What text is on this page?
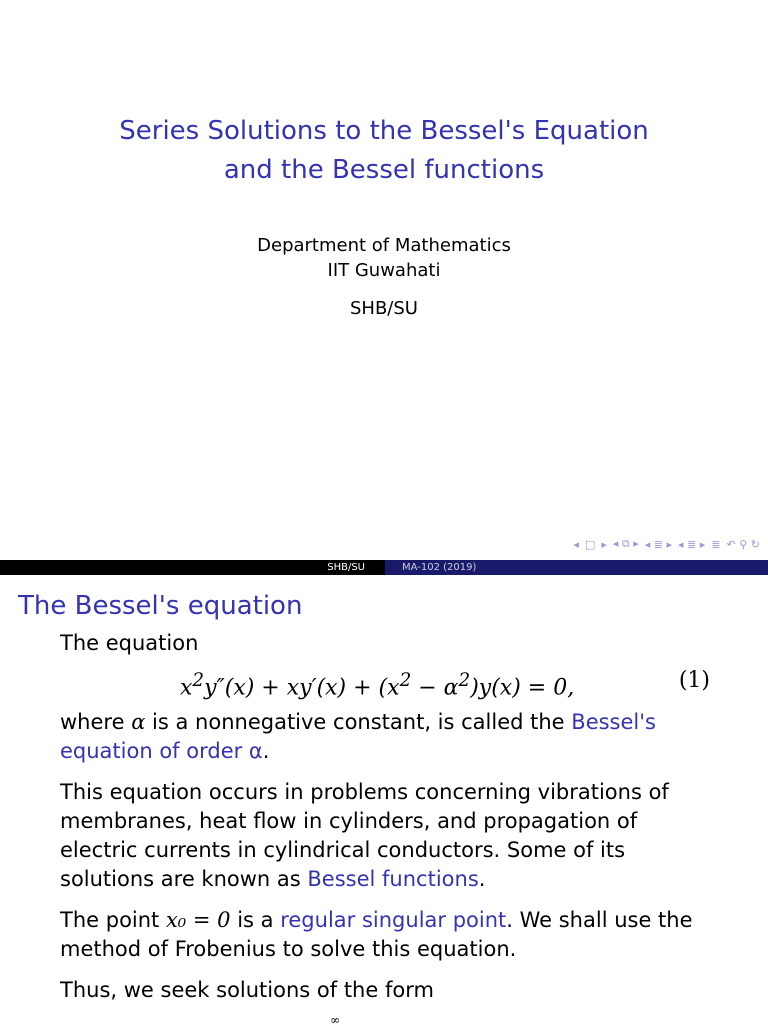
Series Solutions to the Bessel's Equation
and the Bessel functions
Department of Mathematics
IIT Guwahati
SHB/SU
◂ □ ▸ ◂ ⧉ ▸ ◂ ≣ ▸ ◂ ≣ ▸ ≣ ↶ ⚲ ↻
SHB/SU	MA-102 (2019)
The Bessel's equation

The equation

$x^2y''(x) + xy'(x) + (x^2 - \alpha^2)y(x) = 0$,	(1)

where α is a nonnegative constant, is called the Bessel's equation of order α.

This equation occurs in problems concerning vibrations of membranes, heat flow in cylinders, and propagation of electric currents in cylindrical conductors. Some of its solutions are known as Bessel functions.

The point x₀ = 0 is a regular singular point. We shall use the method of Frobenius to solve this equation.

Thus, we seek solutions of the form

∞
